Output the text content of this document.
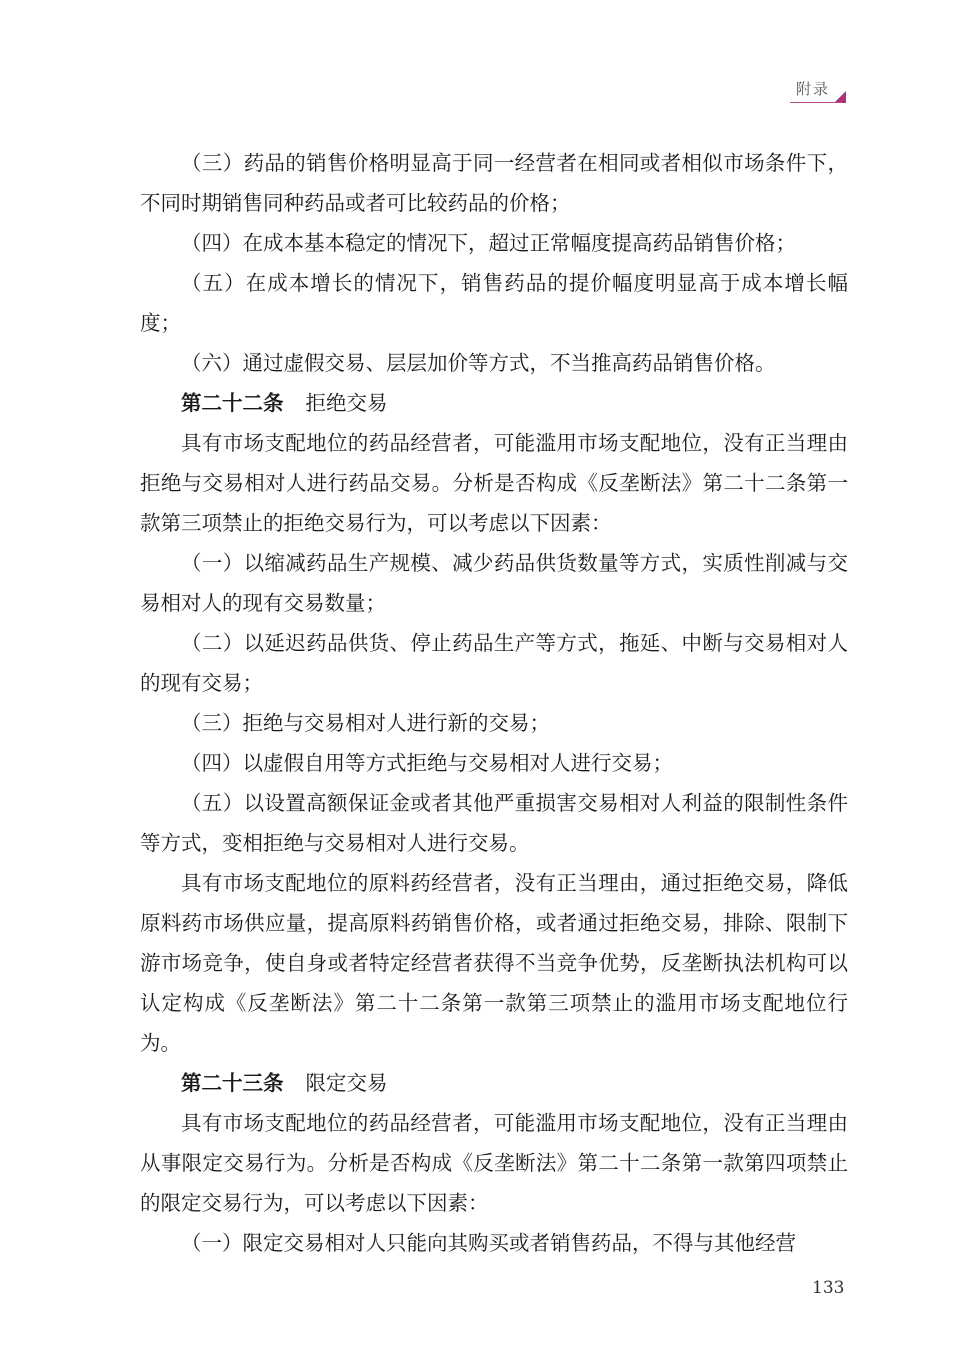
附录

（三）药品的销售价格明显高于同一经营者在相同或者相似市场条件下，不同时期销售同种药品或者可比较药品的价格；

（四）在成本基本稳定的情况下，超过正常幅度提高药品销售价格；

（五）在成本增长的情况下，销售药品的提价幅度明显高于成本增长幅度；

（六）通过虚假交易、层层加价等方式，不当推高药品销售价格。

第二十二条 拒绝交易

具有市场支配地位的药品经营者，可能滥用市场支配地位，没有正当理由拒绝与交易相对人进行药品交易。分析是否构成《反垄断法》第二十二条第一款第三项禁止的拒绝交易行为，可以考虑以下因素：

（一）以缩减药品生产规模、减少药品供货数量等方式，实质性削减与交易相对人的现有交易数量；

（二）以延迟药品供货、停止药品生产等方式，拖延、中断与交易相对人的现有交易；

（三）拒绝与交易相对人进行新的交易；

（四）以虚假自用等方式拒绝与交易相对人进行交易；

（五）以设置高额保证金或者其他严重损害交易相对人利益的限制性条件等方式，变相拒绝与交易相对人进行交易。

具有市场支配地位的原料药经营者，没有正当理由，通过拒绝交易，降低原料药市场供应量，提高原料药销售价格，或者通过拒绝交易，排除、限制下游市场竞争，使自身或者特定经营者获得不当竞争优势，反垄断执法机构可以认定构成《反垄断法》第二十二条第一款第三项禁止的滥用市场支配地位行为。

第二十三条 限定交易

具有市场支配地位的药品经营者，可能滥用市场支配地位，没有正当理由从事限定交易行为。分析是否构成《反垄断法》第二十二条第一款第四项禁止的限定交易行为，可以考虑以下因素：

（一）限定交易相对人只能向其购买或者销售药品，不得与其他经营

133
